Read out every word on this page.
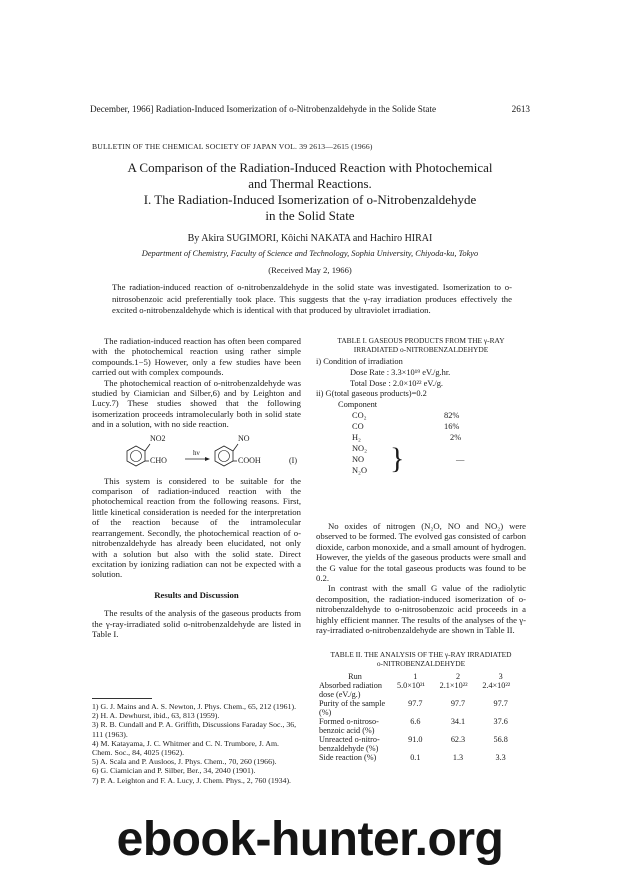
December, 1966] Radiation-Induced Isomerization of o-Nitrobenzaldehyde in the Solide State	2613
BULLETIN OF THE CHEMICAL SOCIETY OF JAPAN VOL. 39 2613—2615 (1966)
A Comparison of the Radiation-Induced Reaction with Photochemical
and Thermal Reactions.
I. The Radiation-Induced Isomerization of o-Nitrobenzaldehyde
in the Solid State
By Akira SUGIMORI, Kôichi NAKATA and Hachiro HIRAI
Department of Chemistry, Faculty of Science and Technology, Sophia University, Chiyoda-ku, Tokyo
(Received May 2, 1966)
The radiation-induced reaction of o-nitrobenzaldehyde in the solid state was investigated. Isomerization to o-nitrosobenzoic acid preferentially took place. This suggests that the γ-ray irradiation produces effectively the excited o-nitrobenzaldehyde which is identical with that produced by ultraviolet irradiation.

The radiation-induced reaction has often been compared with the photochemical reaction using rather simple compounds.1−5) However, only a few studies have been carried out with complex compounds.

The photochemical reaction of o-nitrobenzaldehyde was studied by Ciamician and Silber,6) and by Leighton and Lucy.7) These studies showed that the following isomerization proceeds intramolecularly both in solid state and in a solution, with no side reaction.

NO2
CHO
hν
NO
COOH	(I)

This system is considered to be suitable for the comparison of radiation-induced reaction with the photochemical reaction from the following reasons. First, little kinetical consideration is needed for the interpretation of the reaction because of the intramolecular rearrangement. Secondly, the photochemical reaction of o-nitrobenzaldehyde has already been elucidated, not only with a solution but also with the solid state. Direct excitation by ionizing radiation can not be expected with a solution.

Results and Discussion

The results of the analysis of the gaseous products from the γ-ray-irradiated solid o-nitrobenzaldehyde are listed in Table I.

1) G. J. Mains and A. S. Newton, J. Phys. Chem., 65, 212 (1961).
2) H. A. Dewhurst, ibid., 63, 813 (1959).
3) R. B. Cundall and P. A. Griffith, Discussions Faraday Soc., 36, 111 (1963).
4) M. Katayama, J. C. Whitmer and C. N. Trumbore, J. Am. Chem. Soc., 84, 4025 (1962).
5) A. Scala and P. Ausloos, J. Phys. Chem., 70, 260 (1966).
6) G. Ciamician and P. Silber, Ber., 34, 2040 (1901).
7) P. A. Leighton and F. A. Lucy, J. Chem. Phys., 2, 760 (1934).
TABLE I. GASEOUS PRODUCTS FROM THE γ-RAY
IRRADIATED o-NITROBENZALDEHYDE
i) Condition of irradiation
Dose Rate : 3.3×10¹⁹ eV./g.hr.
Total Dose : 2.0×10²² eV./g.
ii) G(total gaseous products)=0.2
Component
CO₂	82%
CO	16%
H₂	2%
NO₂
NO
N₂O }	—

No oxides of nitrogen (N₂O, NO and NO₂) were observed to be formed. The evolved gas consisted of carbon dioxide, carbon monoxide, and a small amount of hydrogen. However, the yields of the gaseous products were small and the G value for the total gaseous products was found to be 0.2.

In contrast with the small G value of the radiolytic decomposition, the radiation-induced isomerization of o-nitrobenzaldehyde to o-nitrosobenzoic acid proceeds in a highly efficient manner. The results of the analyses of the γ-ray-irradiated o-nitrobenzaldehyde are shown in Table II.

TABLE II. THE ANALYSIS OF THE γ-RAY IRRADIATED
o-NITROBENZALDEHYDE
Run	1	2	3
Absorbed radiation dose (eV./g.)	5.0×10²¹	2.1×10²²	2.4×10²²
Purity of the sample (%)	97.7	97.7	97.7
Formed o-nitroso-benzoic acid (%)	6.6	34.1	37.6
Unreacted o-nitro-benzaldehyde (%)	91.0	62.3	56.8
Side reaction (%)	0.1	1.3	3.3
ebook-hunter.org
